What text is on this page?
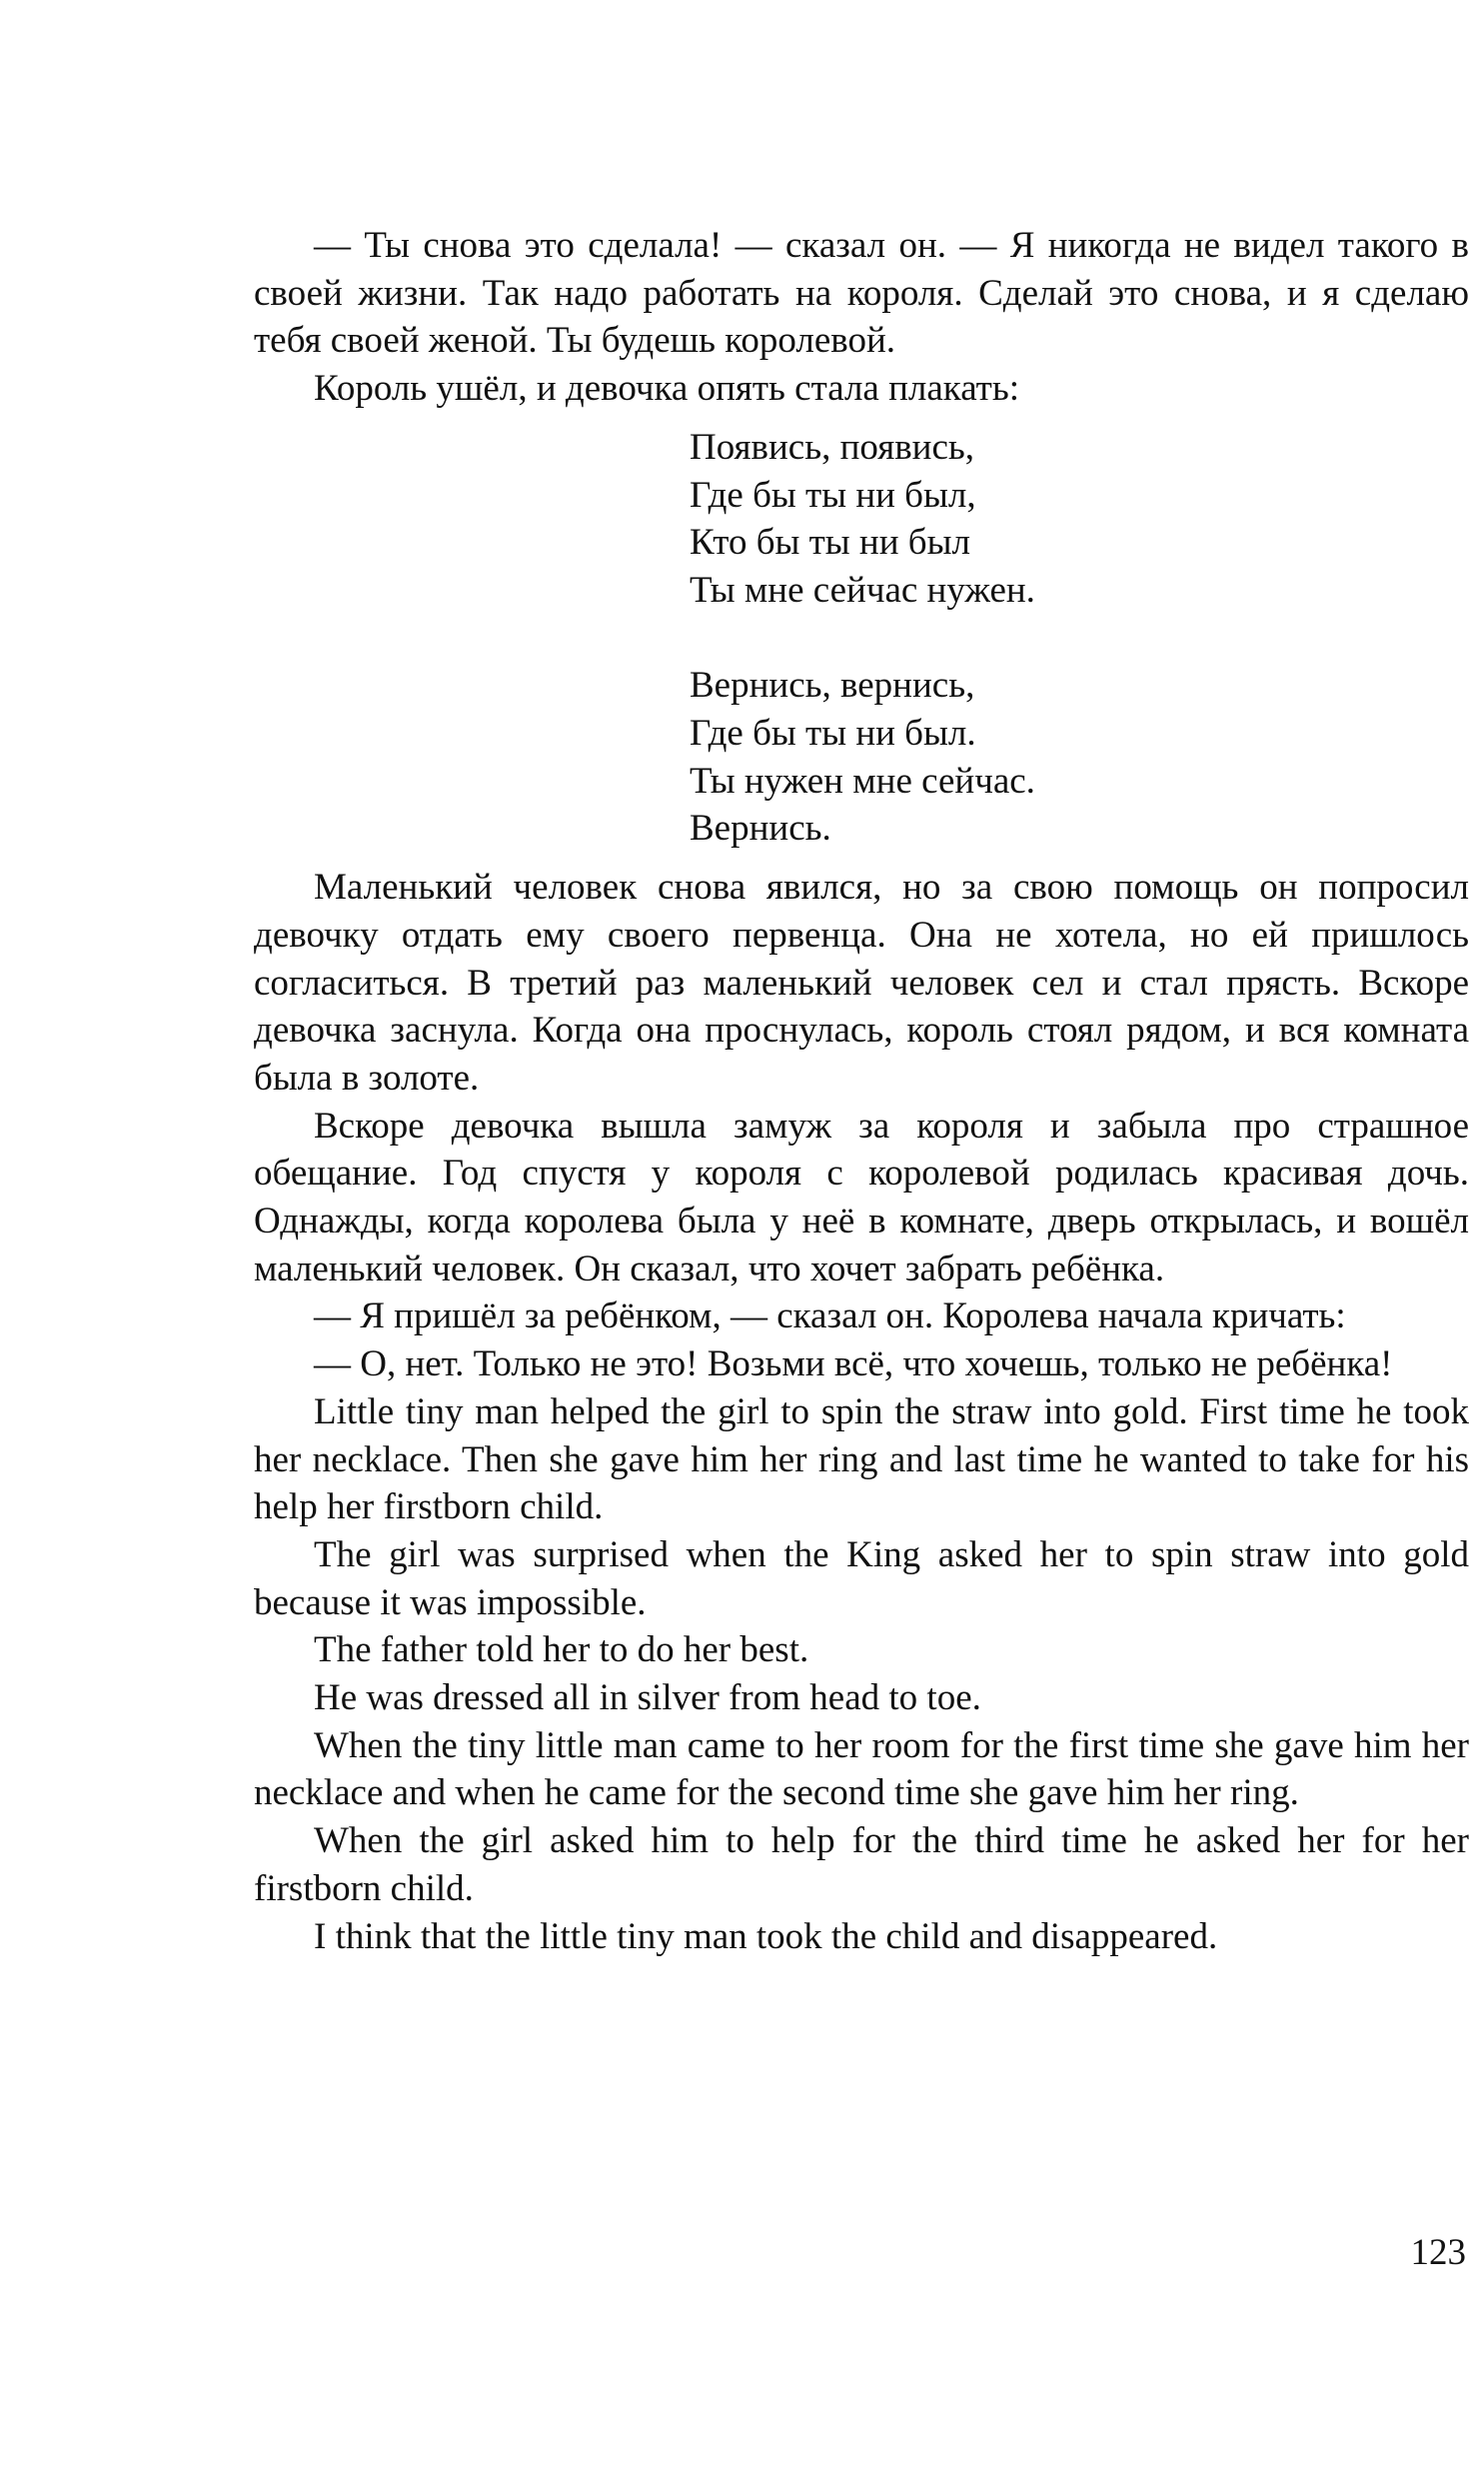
— Ты снова это сделала! — сказал он. — Я никогда не видел такого в своей жизни. Так надо работать на короля. Сделай это снова, и я сделаю тебя своей женой. Ты будешь королевой.

Король ушёл, и девочка опять стала плакать:

Появись, появись,
Где бы ты ни был,
Кто бы ты ни был
Ты мне сейчас нужен.
Вернись, вернись,
Где бы ты ни был.
Ты нужен мне сейчас.
Вернись.

Маленький человек снова явился, но за свою помощь он попросил девочку отдать ему своего первенца. Она не хотела, но ей пришлось согласиться. В третий раз маленький человек сел и стал прясть. Вскоре девочка заснула. Когда она проснулась, король стоял рядом, и вся комната была в золоте.

Вскоре девочка вышла замуж за короля и забыла про страшное обещание. Год спустя у короля с королевой родилась красивая дочь. Однажды, когда королева была у неё в комнате, дверь открылась, и вошёл маленький человек. Он сказал, что хочет забрать ребёнка.

— Я пришёл за ребёнком, — сказал он. Королева начала кричать:

— О, нет. Только не это! Возьми всё, что хочешь, только не ребёнка!

Little tiny man helped the girl to spin the straw into gold. First time he took her necklace. Then she gave him her ring and last time he wanted to take for his help her firstborn child.

The girl was surprised when the King asked her to spin straw into gold because it was impossible.

The father told her to do her best.

He was dressed all in silver from head to toe.

When the tiny little man came to her room for the first time she gave him her necklace and when he came for the second time she gave him her ring.

When the girl asked him to help for the third time he asked her for her firstborn child.

I think that the little tiny man took the child and disappeared.

123
